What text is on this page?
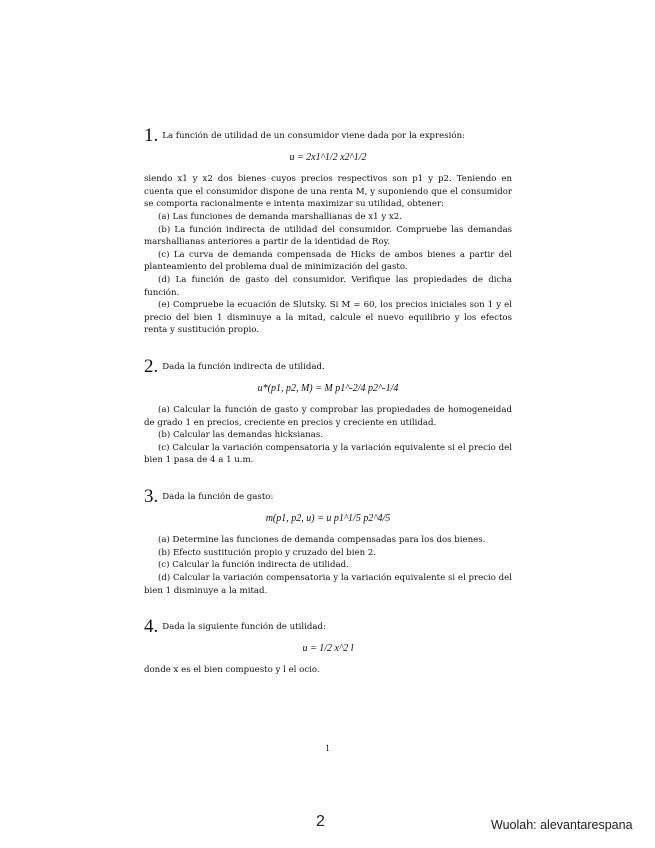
1. La función de utilidad de un consumidor viene dada por la expresión:
u = 2x1^1/2 x2^1/2
siendo x1 y x2 dos bienes cuyos precios respectivos son p1 y p2. Teniendo en cuenta que el consumidor dispone de una renta M, y suponiendo que el consumidor se comporta racionalmente e intenta maximizar su utilidad, obtener:
(a) Las funciones de demanda marshallianas de x1 y x2.
(b) La función indirecta de utilidad del consumidor. Compruebe las demandas marshallianas anteriores a partir de la identidad de Roy.
(c) La curva de demanda compensada de Hicks de ambos bienes a partir del planteamiento del problema dual de minimización del gasto.
(d) La función de gasto del consumidor. Verifique las propiedades de dicha función.
(e) Compruebe la ecuación de Slutsky. Si M = 60, los precios iniciales son 1 y el precio del bien 1 disminuye a la mitad, calcule el nuevo equilibrio y los efectos renta y sustitución propio.
2. Dada la función indirecta de utilidad.
u*(p1, p2, M) = M p1^-2/4 p2^-1/4
(a) Calcular la función de gasto y comprobar las propiedades de homogeneidad de grado 1 en precios, creciente en precios y creciente en utilidad.
(b) Calcular las demandas hicksianas.
(c) Calcular la variación compensatoria y la variación equivalente si el precio del bien 1 pasa de 4 a 1 u.m.
3. Dada la función de gasto:
m(p1, p2, u) = u p1^1/5 p2^4/5
(a) Determine las funciones de demanda compensadas para los dos bienes.
(b) Efecto sustitución propio y cruzado del bien 2.
(c) Calcular la función indirecta de utilidad.
(d) Calcular la variación compensatoria y la variación equivalente si el precio del bien 1 disminuye a la mitad.
4. Dada la siguiente función de utilidad:
u = 1/2 x^2 l
donde x es el bien compuesto y l el ocio.
1
2	Wuolah: alevantarespana
